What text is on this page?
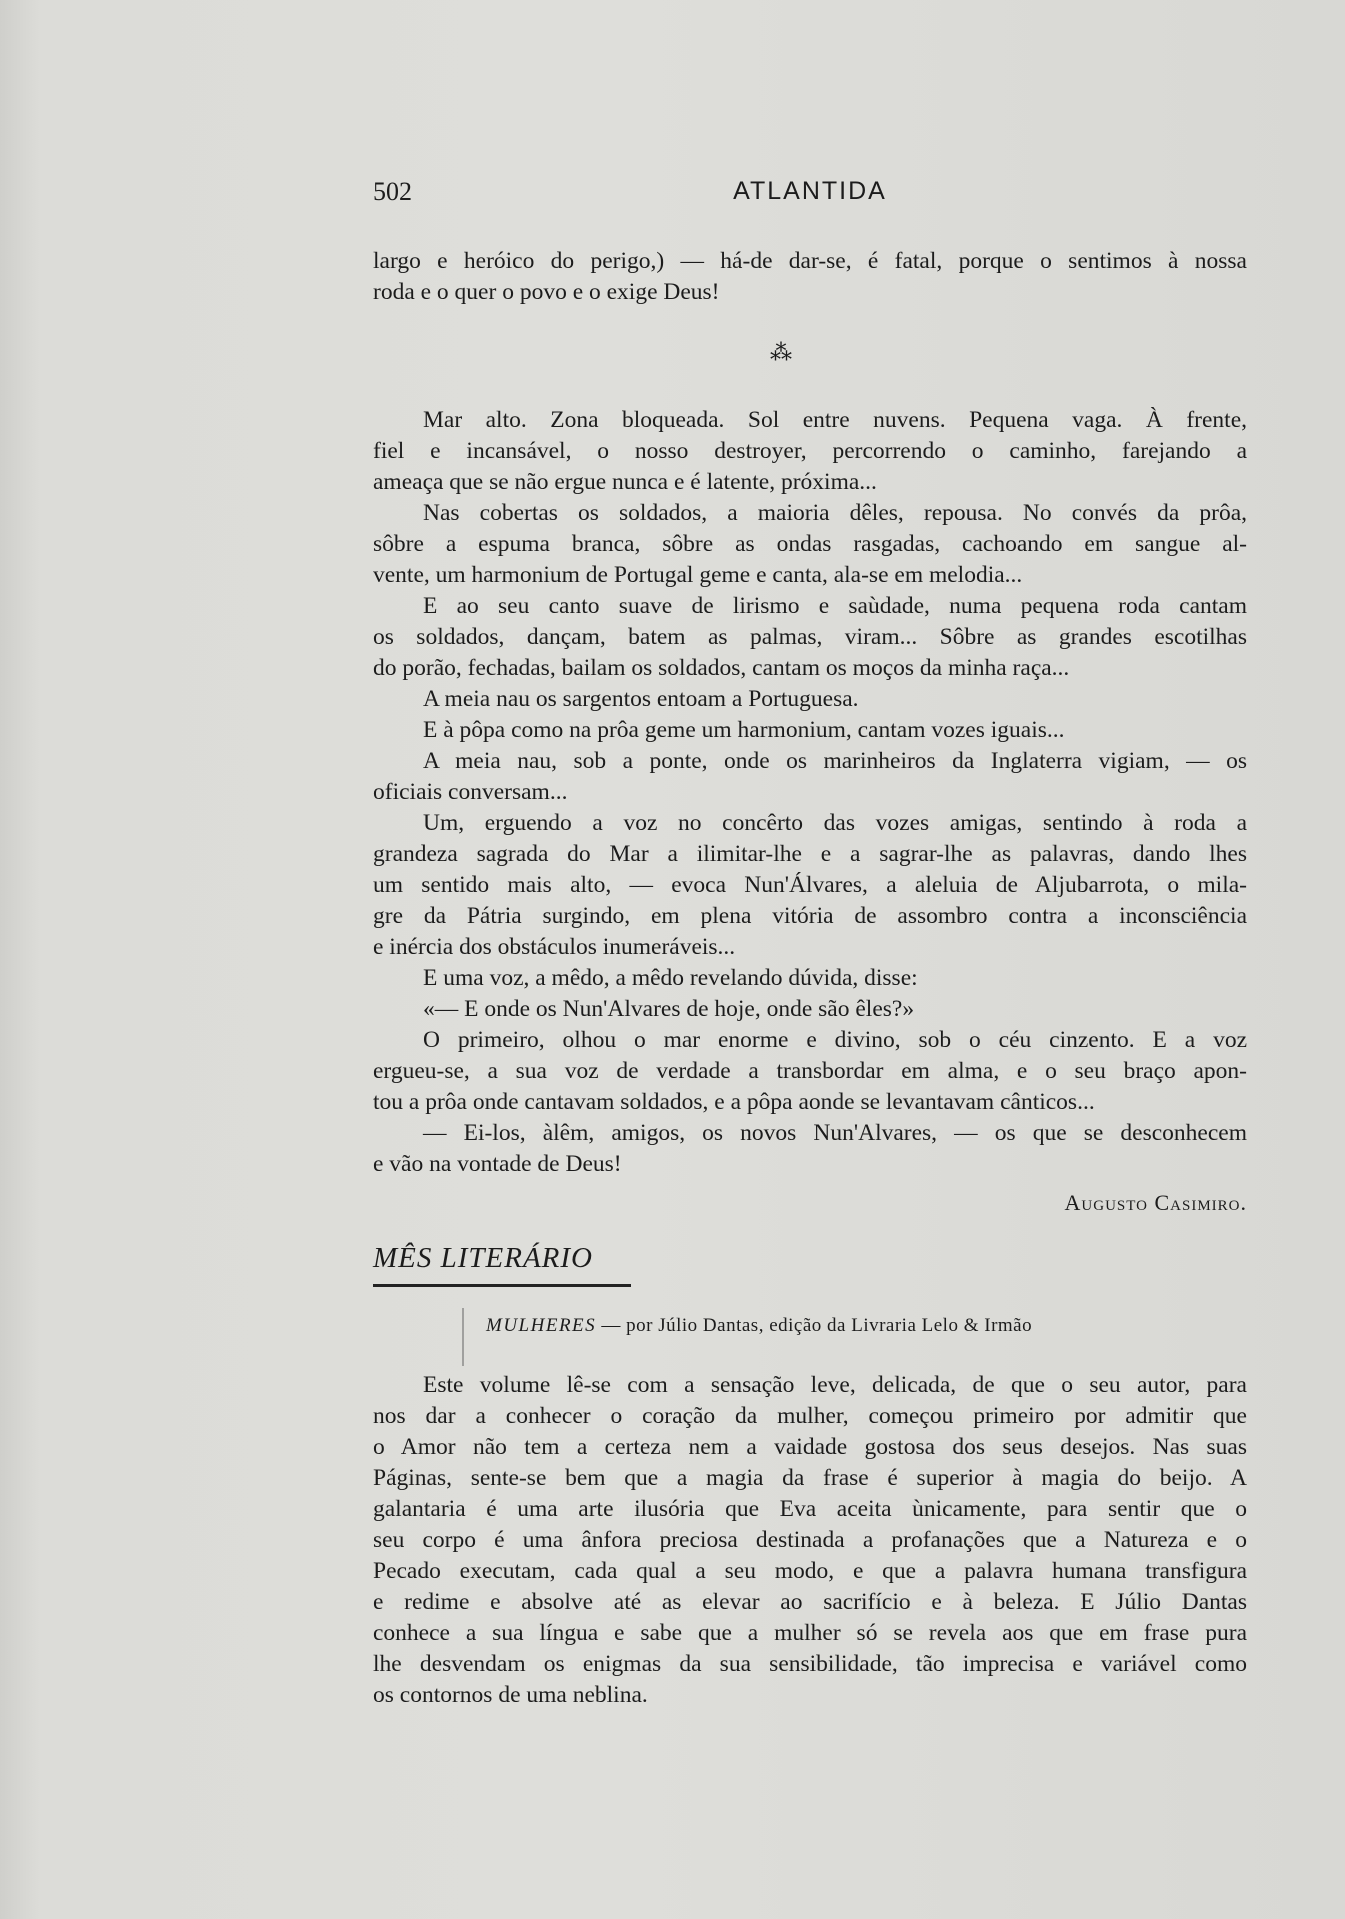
502	ATLANTIDA
largo e heróico do perigo,) — há-de dar-se, é fatal, porque o sentimos à nossa
roda e o quer o povo e o exige Deus!
⁂
Mar alto. Zona bloqueada. Sol entre nuvens. Pequena vaga. À frente,
fiel e incansável, o nosso destroyer, percorrendo o caminho, farejando a
ameaça que se não ergue nunca e é latente, próxima...
Nas cobertas os soldados, a maioria dêles, repousa. No convés da prôa,
sôbre a espuma branca, sôbre as ondas rasgadas, cachoando em sangue al-
vente, um harmonium de Portugal geme e canta, ala-se em melodia...
E ao seu canto suave de lirismo e saùdade, numa pequena roda cantam
os soldados, dançam, batem as palmas, viram... Sôbre as grandes escotilhas
do porão, fechadas, bailam os soldados, cantam os moços da minha raça...
A meia nau os sargentos entoam a Portuguesa.
E à pôpa como na prôa geme um harmonium, cantam vozes iguais...
A meia nau, sob a ponte, onde os marinheiros da Inglaterra vigiam, — os
oficiais conversam...
Um, erguendo a voz no concêrto das vozes amigas, sentindo à roda a
grandeza sagrada do Mar a ilimitar-lhe e a sagrar-lhe as palavras, dando lhes
um sentido mais alto, — evoca Nun'Álvares, a aleluia de Aljubarrota, o mila-
gre da Pátria surgindo, em plena vitória de assombro contra a inconsciência
e inércia dos obstáculos inumeráveis...
E uma voz, a mêdo, a mêdo revelando dúvida, disse:
«— E onde os Nun'Alvares de hoje, onde são êles?»
O primeiro, olhou o mar enorme e divino, sob o céu cinzento. E a voz
ergueu-se, a sua voz de verdade a transbordar em alma, e o seu braço apon-
tou a prôa onde cantavam soldados, e a pôpa aonde se levantavam cânticos...
— Ei-los, àlêm, amigos, os novos Nun'Alvares, — os que se desconhecem
e vão na vontade de Deus!
Augusto Casimiro.
MÊS LITERÁRIO
MULHERES — por Júlio Dantas, edição da Livraria Lelo & Irmão
Este volume lê-se com a sensação leve, delicada, de que o seu autor, para
nos dar a conhecer o coração da mulher, começou primeiro por admitir que
o Amor não tem a certeza nem a vaidade gostosa dos seus desejos. Nas suas
Páginas, sente-se bem que a magia da frase é superior à magia do beijo. A
galantaria é uma arte ilusória que Eva aceita ùnicamente, para sentir que o
seu corpo é uma ânfora preciosa destinada a profanações que a Natureza e o
Pecado executam, cada qual a seu modo, e que a palavra humana transfigura
e redime e absolve até as elevar ao sacrifício e à beleza. E Júlio Dantas
conhece a sua língua e sabe que a mulher só se revela aos que em frase pura
lhe desvendam os enigmas da sua sensibilidade, tão imprecisa e variável como
os contornos de uma neblina.
